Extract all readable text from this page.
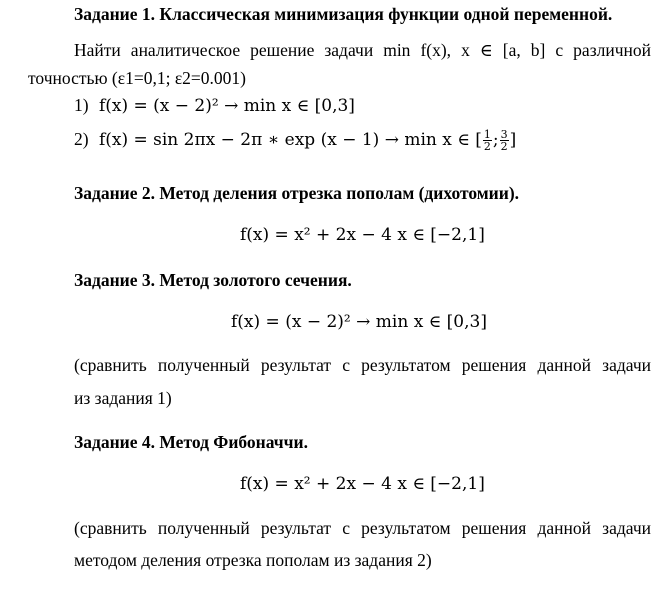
Задание 1. Классическая минимизация функции одной переменной.
Найти аналитическое решение задачи min f(x), x ∈ [a, b] с различной точностью (ε1=0,1; ε2=0.001)
1) f(x) = (x − 2)² → min x ∈ [0,3]
2) f(x) = sin 2πx − 2π ∗ exp (x − 1) → min x ∈ [ $\frac{1}{2}$ ; $\frac{3}{2}$ ]
Задание 2. Метод деления отрезка пополам (дихотомии).
f(x) = x² + 2x − 4 x ∈ [−2,1]
Задание 3. Метод золотого сечения.
f(x) = (x − 2)² → min x ∈ [0,3]
(сравнить полученный результат с результатом решения данной задачи
из задания 1)
Задание 4. Метод Фибоначчи.
f(x) = x² + 2x − 4 x ∈ [−2,1]
(сравнить полученный результат с результатом решения данной задачи
методом деления отрезка пополам из задания 2)
